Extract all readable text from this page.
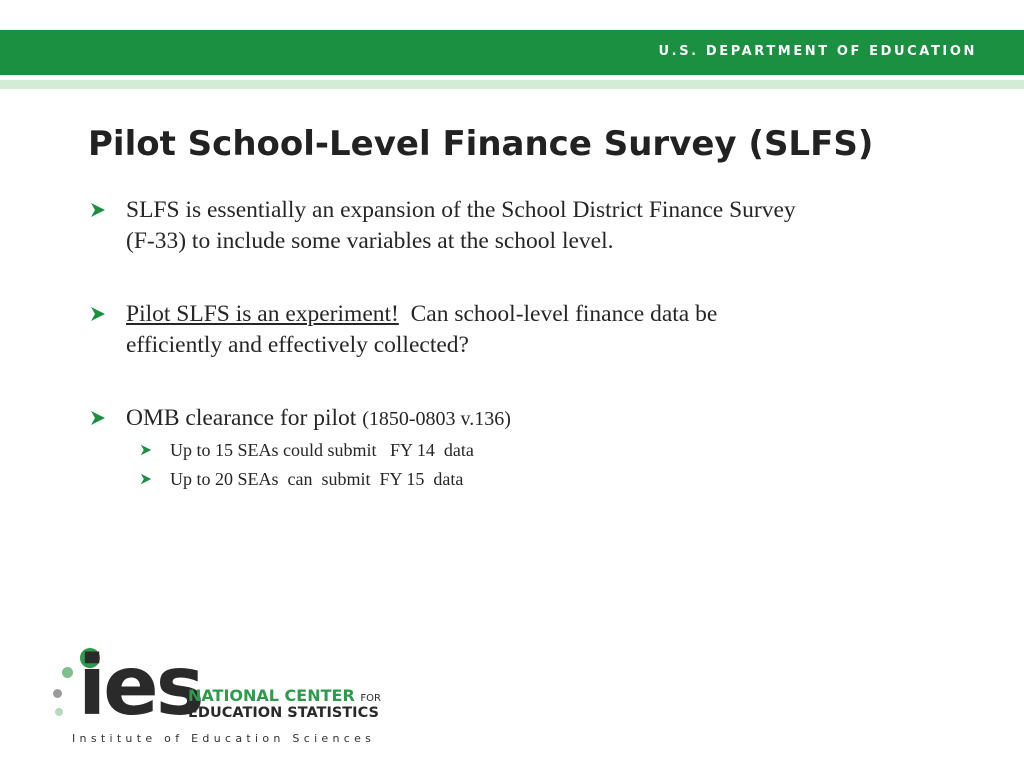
U.S. DEPARTMENT OF EDUCATION
Pilot School-Level Finance Survey (SLFS)
SLFS is essentially an expansion of the School District Finance Survey
(F-33) to include some variables at the school level.
Pilot SLFS is an experiment!  Can school-level finance data be
efficiently and effectively collected?
OMB clearance for pilot (1850-0803 v.136)
Up to 15 SEAs could submit   FY 14  data
Up to 20 SEAs  can  submit  FY 15  data
ies
NATIONAL CENTER FOR
EDUCATION STATISTICS
Institute of Education Sciences
